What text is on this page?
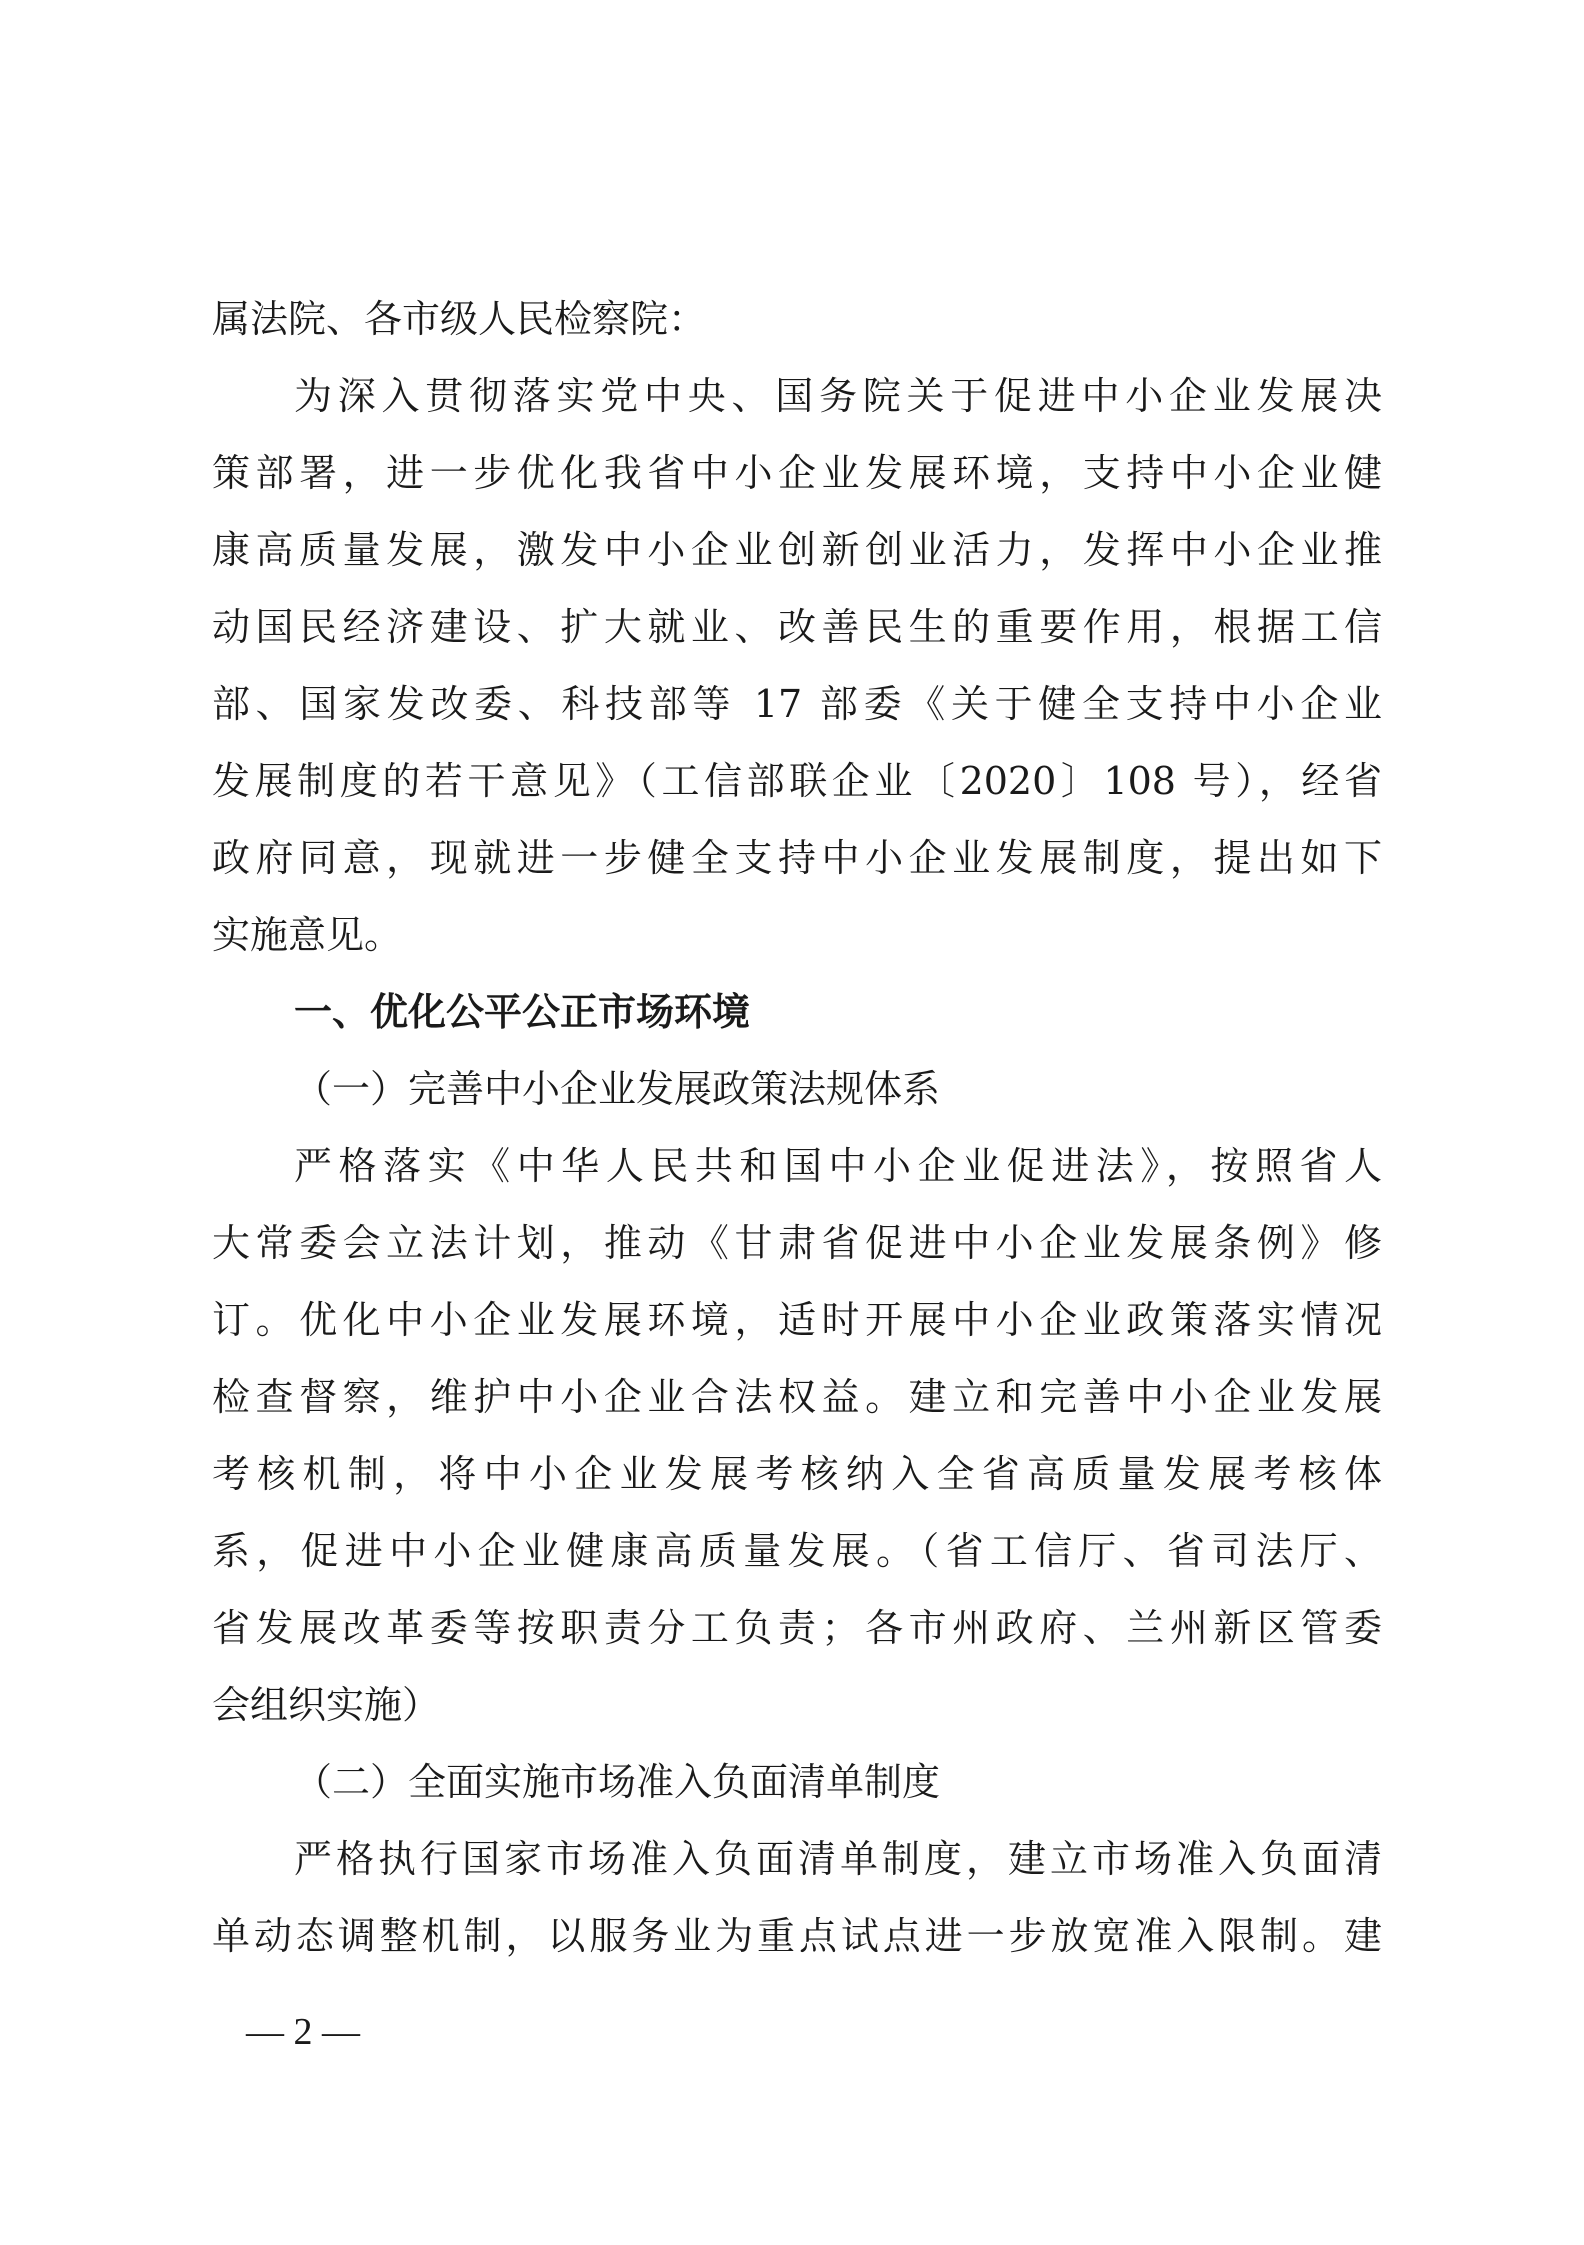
属法院、各市级人民检察院：
为深入贯彻落实党中央、国务院关于促进中小企业发展决
策部署，进一步优化我省中小企业发展环境，支持中小企业健
康高质量发展，激发中小企业创新创业活力，发挥中小企业推
动国民经济建设、扩大就业、改善民生的重要作用，根据工信
部、国家发改委、科技部等 17 部委《关于健全支持中小企业
发展制度的若干意见》（工信部联企业〔2020〕108 号），经省
政府同意，现就进一步健全支持中小企业发展制度，提出如下
实施意见。
一、优化公平公正市场环境
（一）完善中小企业发展政策法规体系
严格落实《中华人民共和国中小企业促进法》，按照省人
大常委会立法计划，推动《甘肃省促进中小企业发展条例》修
订。优化中小企业发展环境，适时开展中小企业政策落实情况
检查督察，维护中小企业合法权益。建立和完善中小企业发展
考核机制，将中小企业发展考核纳入全省高质量发展考核体
系，促进中小企业健康高质量发展。（省工信厅、省司法厅、
省发展改革委等按职责分工负责；各市州政府、兰州新区管委
会组织实施）
（二）全面实施市场准入负面清单制度
严格执行国家市场准入负面清单制度，建立市场准入负面清
单动态调整机制，以服务业为重点试点进一步放宽准入限制。建
— 2 —
